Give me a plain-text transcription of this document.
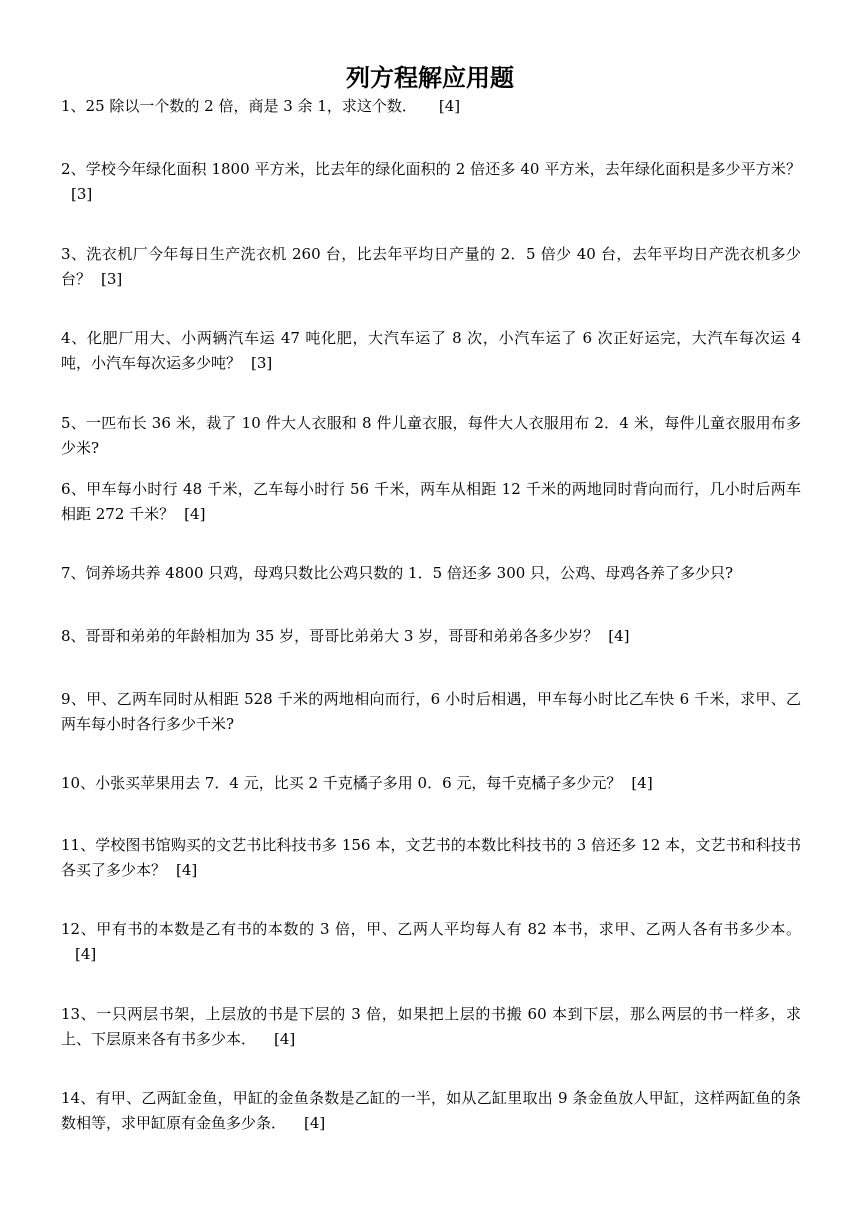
列方程解应用题
1、25 除以一个数的 2 倍，商是 3 余 1，求这个数． [4]
2、学校今年绿化面积 1800 平方米，比去年的绿化面积的 2 倍还多 40 平方米，去年绿化面积是多少平方米？[3]
3、洗衣机厂今年每日生产洗衣机 260 台，比去年平均日产量的 2．5 倍少 40 台，去年平均日产洗衣机多少台？ [3]
4、化肥厂用大、小两辆汽车运 47 吨化肥，大汽车运了 8 次，小汽车运了 6 次正好运完，大汽车每次运 4 吨，小汽车每次运多少吨？ [3]
5、一匹布长 36 米，裁了 10 件大人衣服和 8 件儿童衣服，每件大人衣服用布 2．4 米，每件儿童衣服用布多少米?
6、甲车每小时行 48 千米，乙车每小时行 56 千米，两车从相距 12 千米的两地同时背向而行，几小时后两车相距 272 千米？ [4]
7、饲养场共养 4800 只鸡，母鸡只数比公鸡只数的 1．5 倍还多 300 只，公鸡、母鸡各养了多少只?
8、哥哥和弟弟的年龄相加为 35 岁，哥哥比弟弟大 3 岁，哥哥和弟弟各多少岁？ [4]
9、甲、乙两车同时从相距 528 千米的两地相向而行，6 小时后相遇，甲车每小时比乙车快 6 千米，求甲、乙两车每小时各行多少千米?
10、小张买苹果用去 7．4 元，比买 2 千克橘子多用 0．6 元，每千克橘子多少元？ [4]
11、学校图书馆购买的文艺书比科技书多 156 本，文艺书的本数比科技书的 3 倍还多 12 本，文艺书和科技书各买了多少本？ [4]
12、甲有书的本数是乙有书的本数的 3 倍，甲、乙两人平均每人有 82 本书，求甲、乙两人各有书多少本。[4]
13、一只两层书架，上层放的书是下层的 3 倍，如果把上层的书搬 60 本到下层，那么两层的书一样多，求上、下层原来各有书多少本． [4]
14、有甲、乙两缸金鱼，甲缸的金鱼条数是乙缸的一半，如从乙缸里取出 9 条金鱼放人甲缸，这样两缸鱼的条数相等，求甲缸原有金鱼多少条． [4]
